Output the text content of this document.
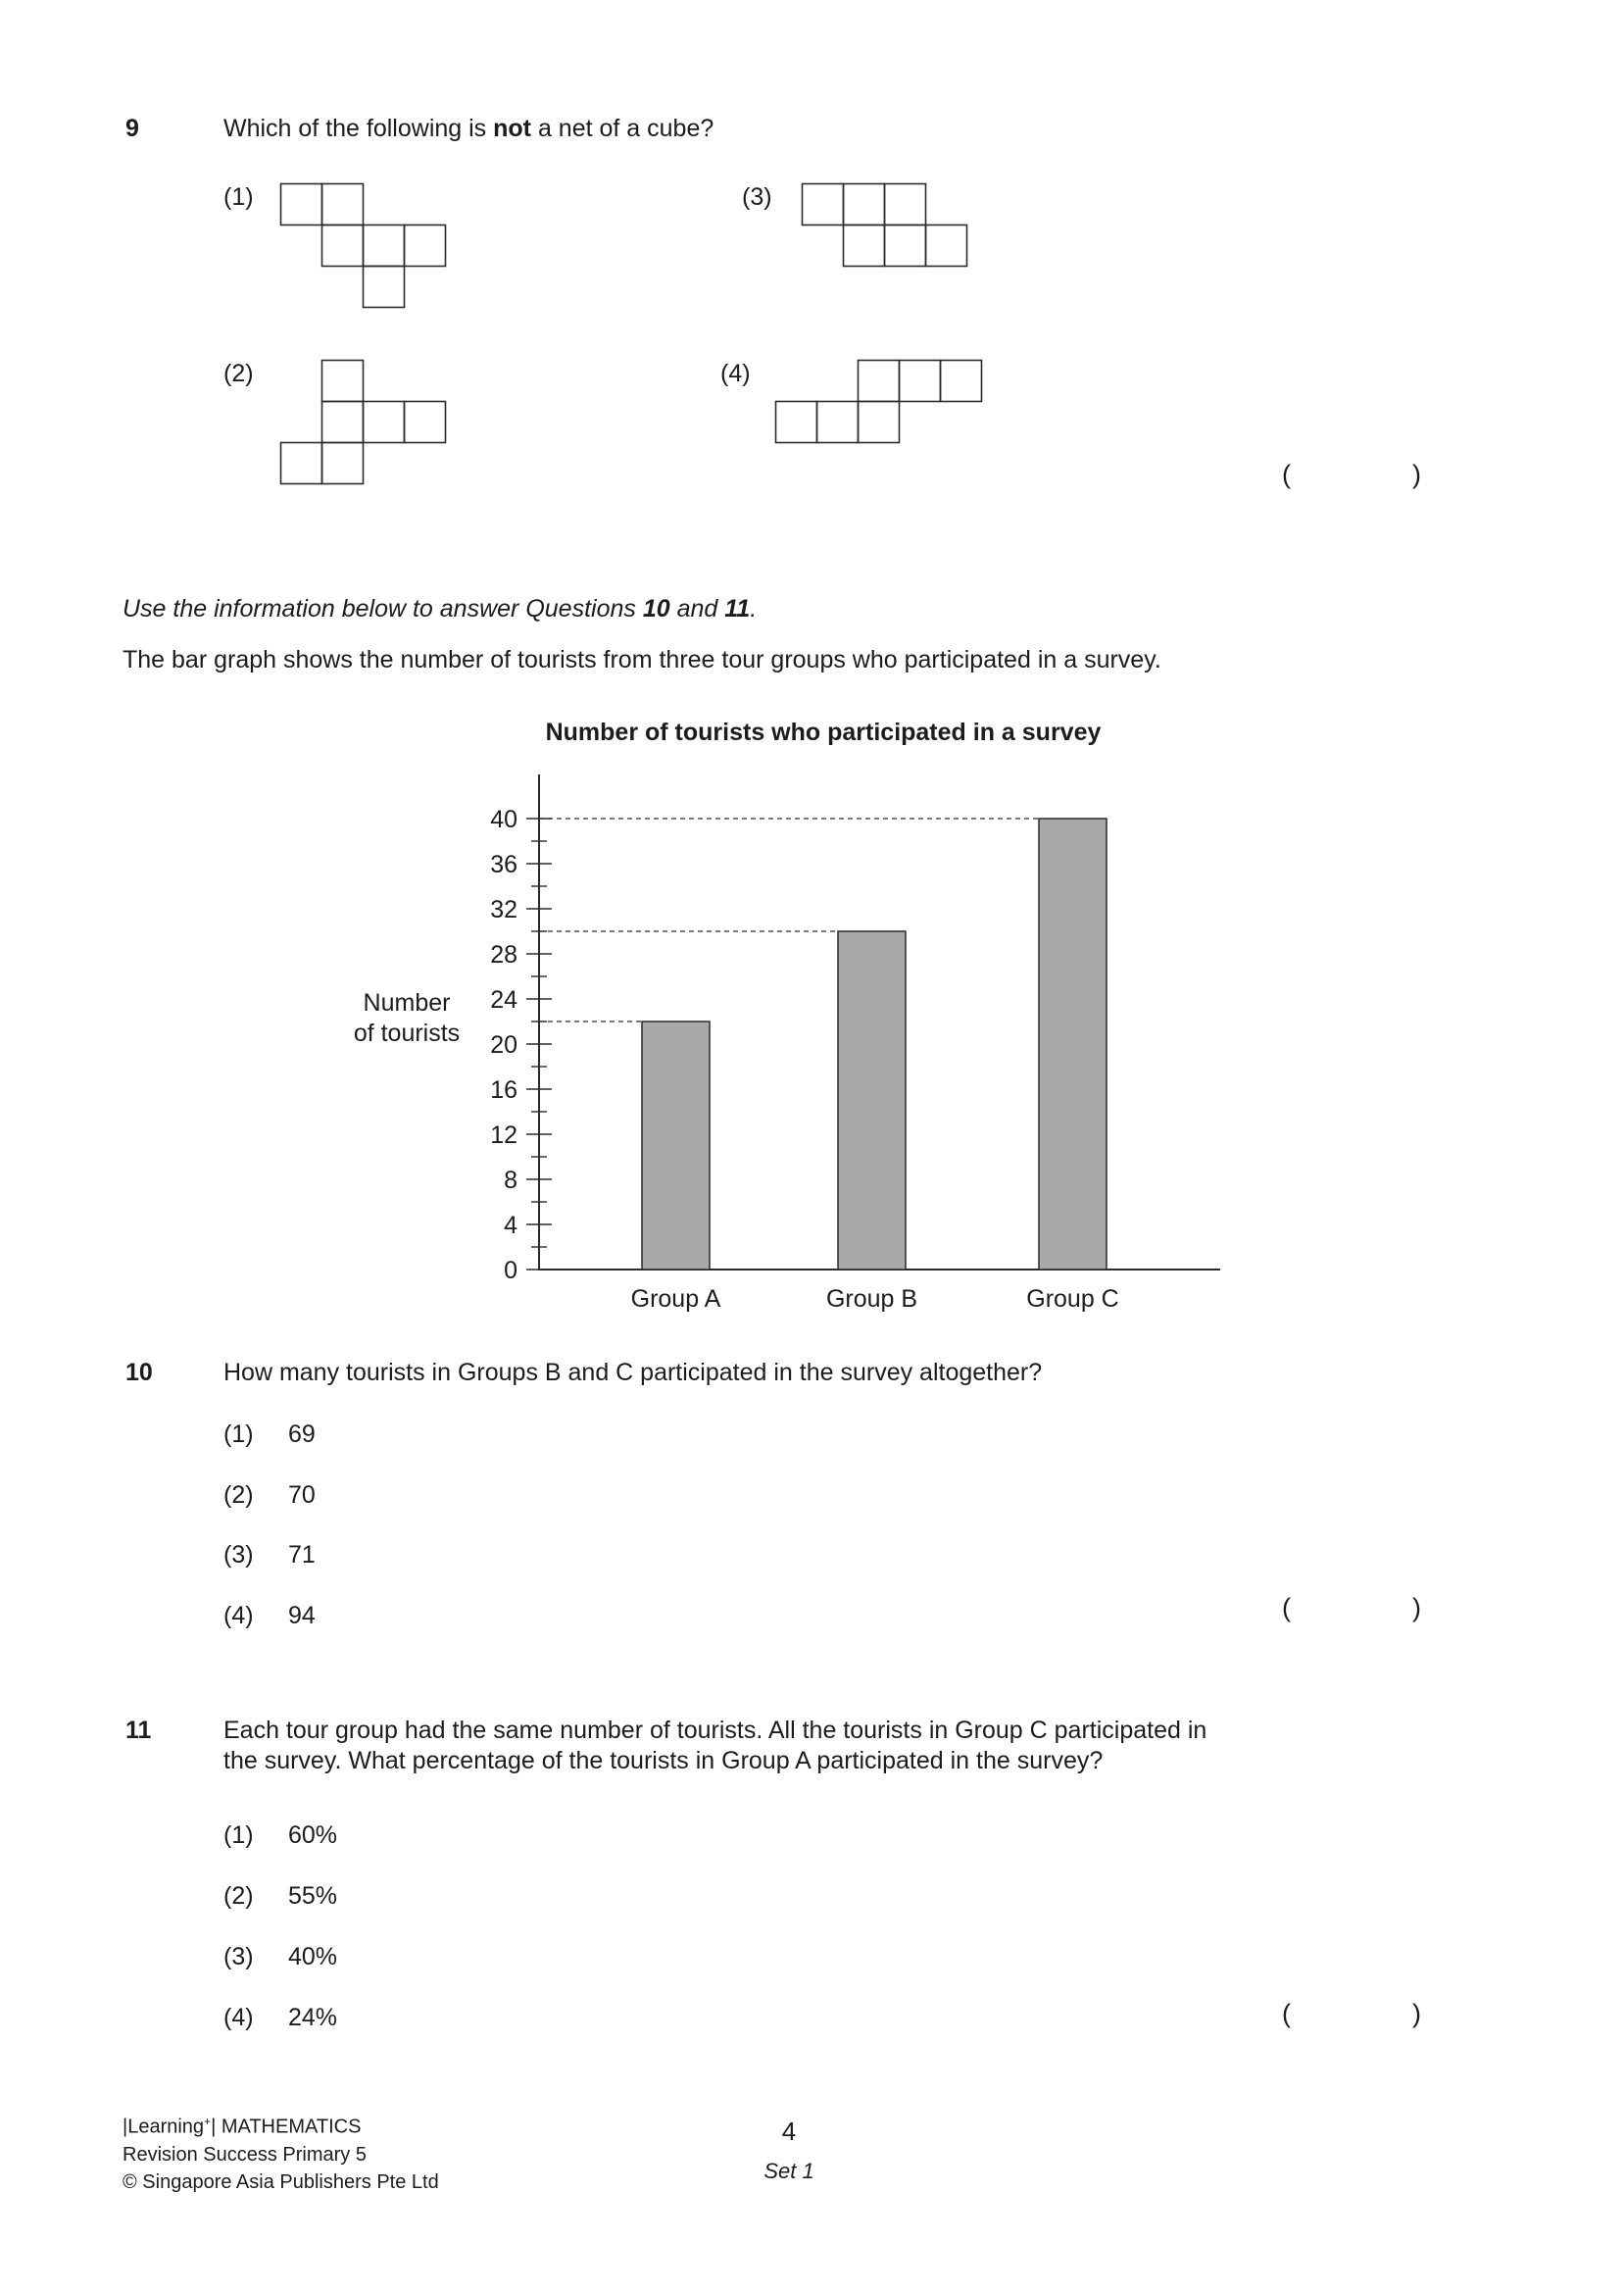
9	Which of the following is not a net of a cube?
(1)	(3)
(2)	(4)
(	)
Use the information below to answer Questions 10 and 11.
The bar graph shows the number of tourists from three tour groups who participated in a survey.
Number of tourists who participated in a survey
0
4
8
12
16
20
24
28
32
36
40
Group A	Group B	Group C
Number
of tourists
10	How many tourists in Groups B and C participated in the survey altogether?
(1) 69
(2) 70
(3) 71
(4) 94	(	)
11	Each tour group had the same number of tourists. All the tourists in Group C participated in
the survey. What percentage of the tourists in Group A participated in the survey?
(1) 60%
(2) 55%
(3) 40%
(4) 24%	(	)
|Learning+| MATHEMATICS
Revision Success Primary 5
© Singapore Asia Publishers Pte Ltd
4
Set 1
